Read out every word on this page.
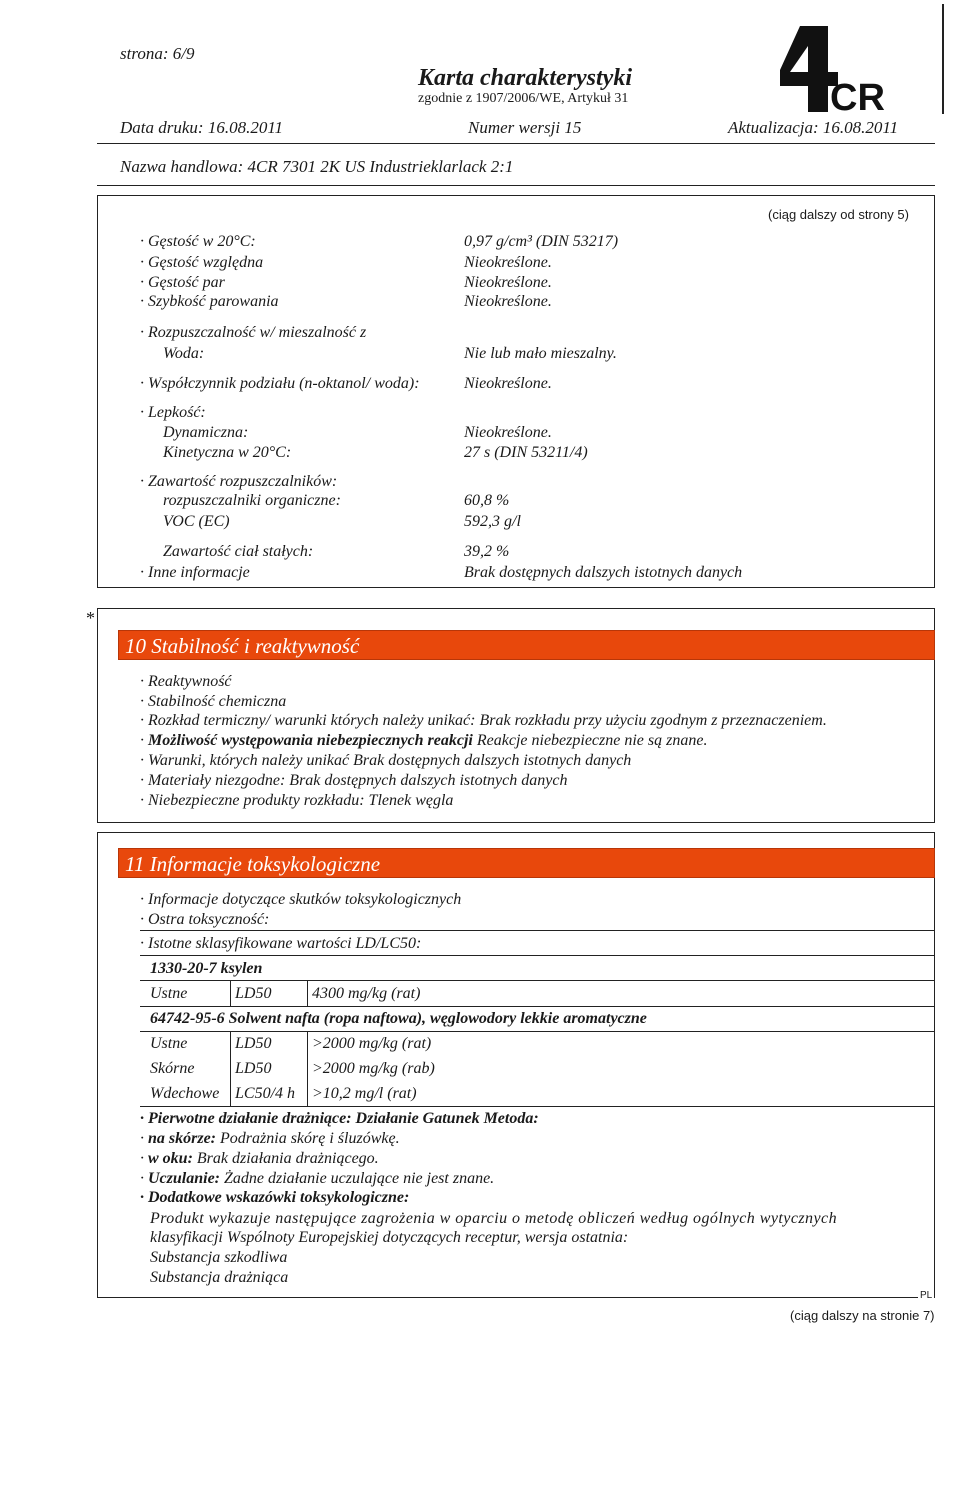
strona: 6/9
Karta charakterystyki
zgodnie z 1907/2006/WE, Artykuł 31	CR
Data druku: 16.08.2011	Numer wersji 15	Aktualizacja: 16.08.2011
Nazwa handlowa: 4CR 7301 2K US Industrieklarlack 2:1
(ciąg dalszy od strony 5)
· Gęstość w 20°C:	0,97 g/cm³ (DIN 53217)
· Gęstość względna	Nieokreślone.
· Gęstość par	Nieokreślone.
· Szybkość parowania	Nieokreślone.
· Rozpuszczalność w/ mieszalność z
Woda:	Nie lub mało mieszalny.
· Współczynnik podziału (n-oktanol/ woda):	Nieokreślone.
· Lepkość:
Dynamiczna:	Nieokreślone.
Kinetyczna w 20°C:	27 s (DIN 53211/4)
· Zawartość rozpuszczalników:
rozpuszczalniki organiczne:	60,8 %
VOC (EC)	592,3 g/l
Zawartość ciał stałych:	39,2 %
· Inne informacje	Brak dostępnych dalszych istotnych danych
*
10 Stabilność i reaktywność
· Reaktywność
· Stabilność chemiczna
· Rozkład termiczny/ warunki których należy unikać: Brak rozkładu przy użyciu zgodnym z przeznaczeniem.
· Możliwość występowania niebezpiecznych reakcji Reakcje niebezpieczne nie są znane.
· Warunki, których należy unikać Brak dostępnych dalszych istotnych danych
· Materiały niezgodne: Brak dostępnych dalszych istotnych danych
· Niebezpieczne produkty rozkładu: Tlenek węgla
11 Informacje toksykologiczne
· Informacje dotyczące skutków toksykologicznych
· Ostra toksyczność:
· Istotne sklasyfikowane wartości LD/LC50:
1330-20-7 ksylen
Ustne	LD50	4300 mg/kg (rat)
64742-95-6 Solwent nafta (ropa naftowa), węglowodory lekkie aromatyczne
Ustne	LD50	>2000 mg/kg (rat)
Skórne	LD50	>2000 mg/kg (rab)
Wdechowe	LC50/4 h	>10,2 mg/l (rat)
· Pierwotne działanie drażniące: Działanie Gatunek Metoda:
· na skórze: Podrażnia skórę i śluzówkę.
· w oku: Brak działania drażniącego.
· Uczulanie: Żadne działanie uczulające nie jest znane.
· Dodatkowe wskazówki toksykologiczne:
Produkt wykazuje następujące zagrożenia w oparciu o metodę obliczeń według ogólnych wytycznych
klasyfikacji Wspólnoty Europejskiej dotyczących receptur, wersja ostatnia:
Substancja szkodliwa
Substancja drażniąca
PL
(ciąg dalszy na stronie 7)
